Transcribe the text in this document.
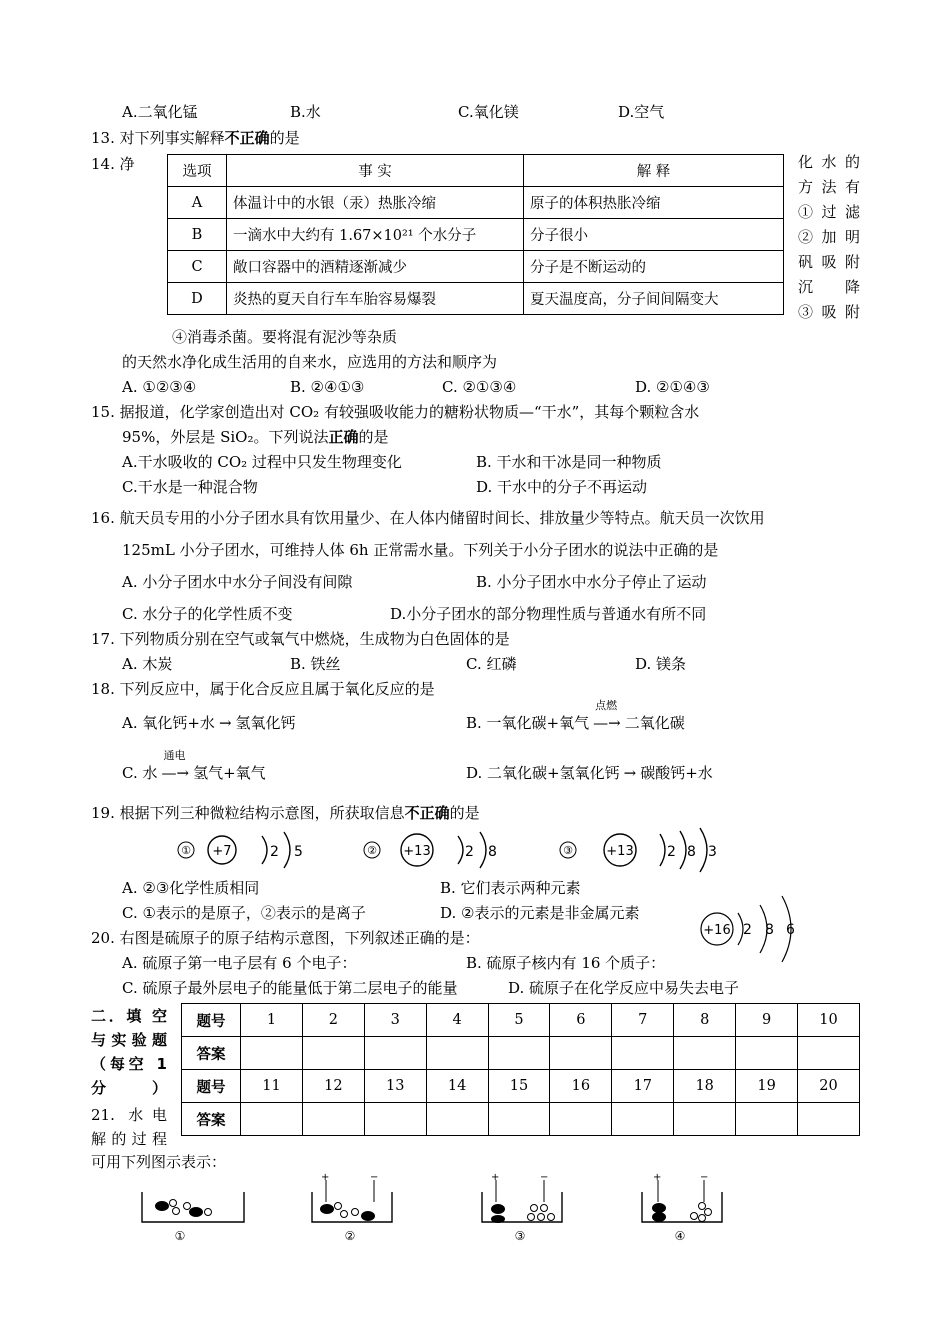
A.二氧化锰	B.水	C.氧化镁	D.空气
13. 对下列事实解释不正确的是
14. 净	选项	事 实	解 释
A	体温计中的水银（汞）热胀冷缩	原子的体积热胀冷缩
B	一滴水中大约有 1.67×10²¹ 个水分子	分子很小
C	敞口容器中的酒精逐渐减少	分子是不断运动的
D	炎热的夏天自行车车胎容易爆裂	夏天温度高，分子间间隔变大
化水的
方法有
①过滤
②加明
矾吸附
沉 降
③吸附
④消毒杀菌。要将混有泥沙等杂质
的天然水净化成生活用的自来水，应选用的方法和顺序为
A. ①②③④	B. ②④①③	C. ②①③④	D. ②①④③
15. 据报道，化学家创造出对 CO₂ 有较强吸收能力的糖粉状物质—“干水”，其每个颗粒含水
95%，外层是 SiO₂。下列说法正确的是
A.干水吸收的 CO₂ 过程中只发生物理变化	B. 干水和干冰是同一种物质
C.干水是一种混合物	D. 干水中的分子不再运动
16. 航天员专用的小分子团水具有饮用量少、在人体内储留时间长、排放量少等特点。航天员一次饮用
125mL 小分子团水，可维持人体 6h 正常需水量。下列关于小分子团水的说法中正确的是
A. 小分子团水中水分子间没有间隙	B. 小分子团水中水分子停止了运动
C. 水分子的化学性质不变	D.小分子团水的部分物理性质与普通水有所不同
17. 下列物质分别在空气或氧气中燃烧，生成物为白色固体的是
A. 木炭	B. 铁丝	C. 红磷	D. 镁条
18. 下列反应中，属于化合反应且属于氧化反应的是
A. 氧化钙+水 → 氢氧化钙	B. 一氧化碳+氧气 —→
点燃
二氧化碳
C. 水 —→
通电
氢气+氧气	D. 二氧化碳+氢氧化钙 → 碳酸钙+水
19. 根据下列三种微粒结构示意图，所获取信息不正确的是
① +7	2 5	② +13 2 8	③	+13 2 8 3
A. ②③化学性质相同	B. 它们表示两种元素
C. ①表示的是原子，②表示的是离子	D. ②表示的元素是非金属元素
+16 2 8 6
20. 右图是硫原子的原子结构示意图，下列叙述正确的是：
A. 硫原子第一电子层有 6 个电子：	B. 硫原子核内有 16 个质子：
C. 硫原子最外层电子的能量低于第二层电子的能量	D. 硫原子在化学反应中易失去电子
二．填 空
与实验题
（每空 1
分）
21. 水电
解的过程
题号	1	2	3	4	5	6	7	8	9	10
答案										
题号	11	12	13	14	15	16	17	18	19	20
答案										
可用下列图示表示：
①
+	−
②
+	−
③
+	−
④
